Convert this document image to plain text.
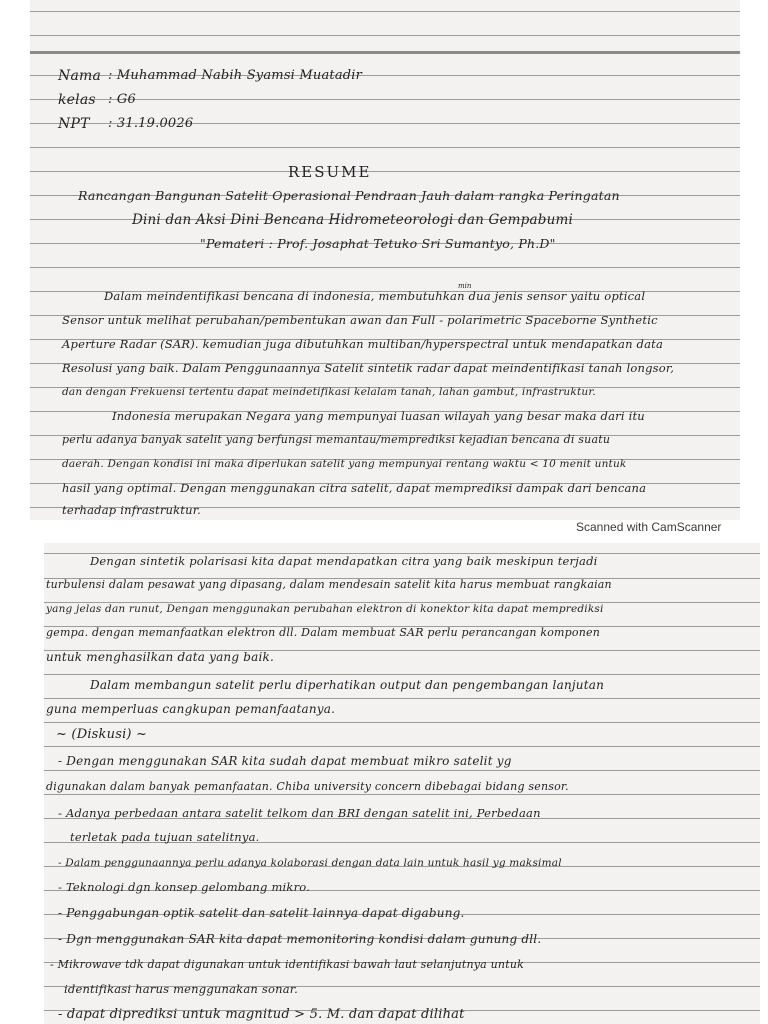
Nama : Muhammad Nabih Syamsi Muatadir
kelas : G6
NPT : 31.19.0026
RESUME
Rancangan Bangunan Satelit Operasional Pendraan Jauh dalam rangka Peringatan
Dini dan Aksi Dini Bencana Hidrometeorologi dan Gempabumi
"Pemateri : Prof. Josaphat Tetuko Sri Sumantyo, Ph.D"
min
Dalam meindentifikasi bencana di indonesia, membutuhkan dua jenis sensor yaitu optical
Sensor untuk melihat perubahan/pembentukan awan dan Full - polarimetric Spaceborne Synthetic
Aperture Radar (SAR). kemudian juga dibutuhkan multiban/hyperspectral untuk mendapatkan data
Resolusi yang baik. Dalam Penggunaannya Satelit sintetik radar dapat meindentifikasi tanah longsor,
dan dengan Frekuensi tertentu dapat meindetifikasi kelalam tanah, lahan gambut, infrastruktur.
Indonesia merupakan Negara yang mempunyai luasan wilayah yang besar maka dari itu
perlu adanya banyak satelit yang berfungsi memantau/memprediksi kejadian bencana di suatu
daerah. Dengan kondisi ini maka diperlukan satelit yang mempunyai rentang waktu < 10 menit untuk
hasil yang optimal. Dengan menggunakan citra satelit, dapat memprediksi dampak dari bencana
terhadap infrastruktur.
Scanned with CamScanner
Dengan sintetik polarisasi kita dapat mendapatkan citra yang baik meskipun terjadi
turbulensi dalam pesawat yang dipasang, dalam mendesain satelit kita harus membuat rangkaian
yang jelas dan runut, Dengan menggunakan perubahan elektron di konektor kita dapat memprediksi
gempa. dengan memanfaatkan elektron dll. Dalam membuat SAR perlu perancangan komponen
untuk menghasilkan data yang baik.
Dalam membangun satelit perlu diperhatikan output dan pengembangan lanjutan
guna memperluas cangkupan pemanfaatanya.
~ (Diskusi) ~
- Dengan menggunakan SAR kita sudah dapat membuat mikro satelit yg
digunakan dalam banyak pemanfaatan. Chiba university concern dibebagai bidang sensor.
- Adanya perbedaan antara satelit telkom dan BRI dengan satelit ini, Perbedaan
terletak pada tujuan satelitnya.
- Dalam penggunaannya perlu adanya kolaborasi dengan data lain untuk hasil yg maksimal
- Teknologi dgn konsep gelombang mikro.
- Penggabungan optik satelit dan satelit lainnya dapat digabung.
- Dgn menggunakan SAR kita dapat memonitoring kondisi dalam gunung dll.
- Mikrowave tdk dapat digunakan untuk identifikasi bawah laut selanjutnya untuk
identifikasi harus menggunakan sonar.
- dapat diprediksi untuk magnitud > 5. M. dan dapat dilihat
